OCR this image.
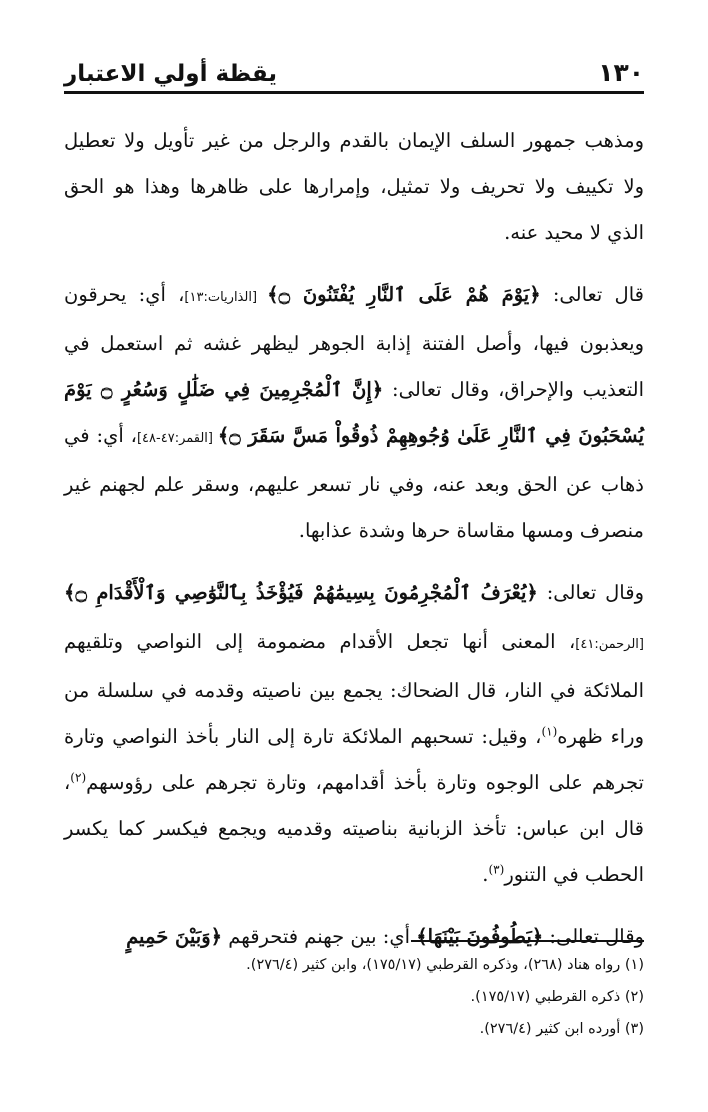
١٣٠
يقظة أولي الاعتبار

ومذهب جمهور السلف الإيمان بالقدم والرجل من غير تأويل ولا تعطيل ولا تكييف ولا تحريف ولا تمثيل، وإمرارها على ظاهرها وهذا هو الحق الذي لا محيد عنه.

قال تعالى: ﴿يَوْمَ هُمْ عَلَى ٱلنَّارِ يُفْتَنُونَ ۝﴾ [الذاريات:١٣]، أي: يحرقون ويعذبون فيها، وأصل الفتنة إذابة الجوهر ليظهر غشه ثم استعمل في التعذيب والإحراق، وقال تعالى: ﴿إِنَّ ٱلْمُجْرِمِينَ فِي ضَلَٰلٍ وَسُعُرٍ ۝ يَوْمَ يُسْحَبُونَ فِي ٱلنَّارِ عَلَىٰ وُجُوهِهِمْ ذُوقُواْ مَسَّ سَقَرَ ۝﴾ [القمر:٤٧-٤٨]، أي: في ذهاب عن الحق وبعد عنه، وفي نار تسعر عليهم، وسقر علم لجهنم غير منصرف ومسها مقاساة حرها وشدة عذابها.

وقال تعالى: ﴿يُعْرَفُ ٱلْمُجْرِمُونَ بِسِيمَٰهُمْ فَيُؤْخَذُ بِٱلنَّوَٰصِي وَٱلْأَقْدَامِ ۝﴾ [الرحمن:٤١]، المعنى أنها تجعل الأقدام مضمومة إلى النواصي وتلقيهم الملائكة في النار، قال الضحاك: يجمع بين ناصيته وقدمه في سلسلة من وراء ظهره$^{(١)}$، وقيل: تسحبهم الملائكة تارة إلى النار بأخذ النواصي وتارة تجرهم على الوجوه وتارة بأخذ أقدامهم، وتارة تجرهم على رؤوسهم$^{(٢)}$، قال ابن عباس: تأخذ الزبانية بناصيته وقدميه ويجمع فيكسر كما يكسر الحطب في التنور$^{(٣)}$.

وقال تعالى: ﴿يَطُوفُونَ بَيْنَهَا﴾ أي: بين جهنم فتحرقهم ﴿وَبَيْنَ حَمِيمٍ

(١) رواه هناد (٢٦٨)، وذكره القرطبي (١٧٥/١٧)، وابن كثير (٢٧٦/٤).

(٢) ذكره القرطبي (١٧٥/١٧).

(٣) أورده ابن كثير (٢٧٦/٤).
